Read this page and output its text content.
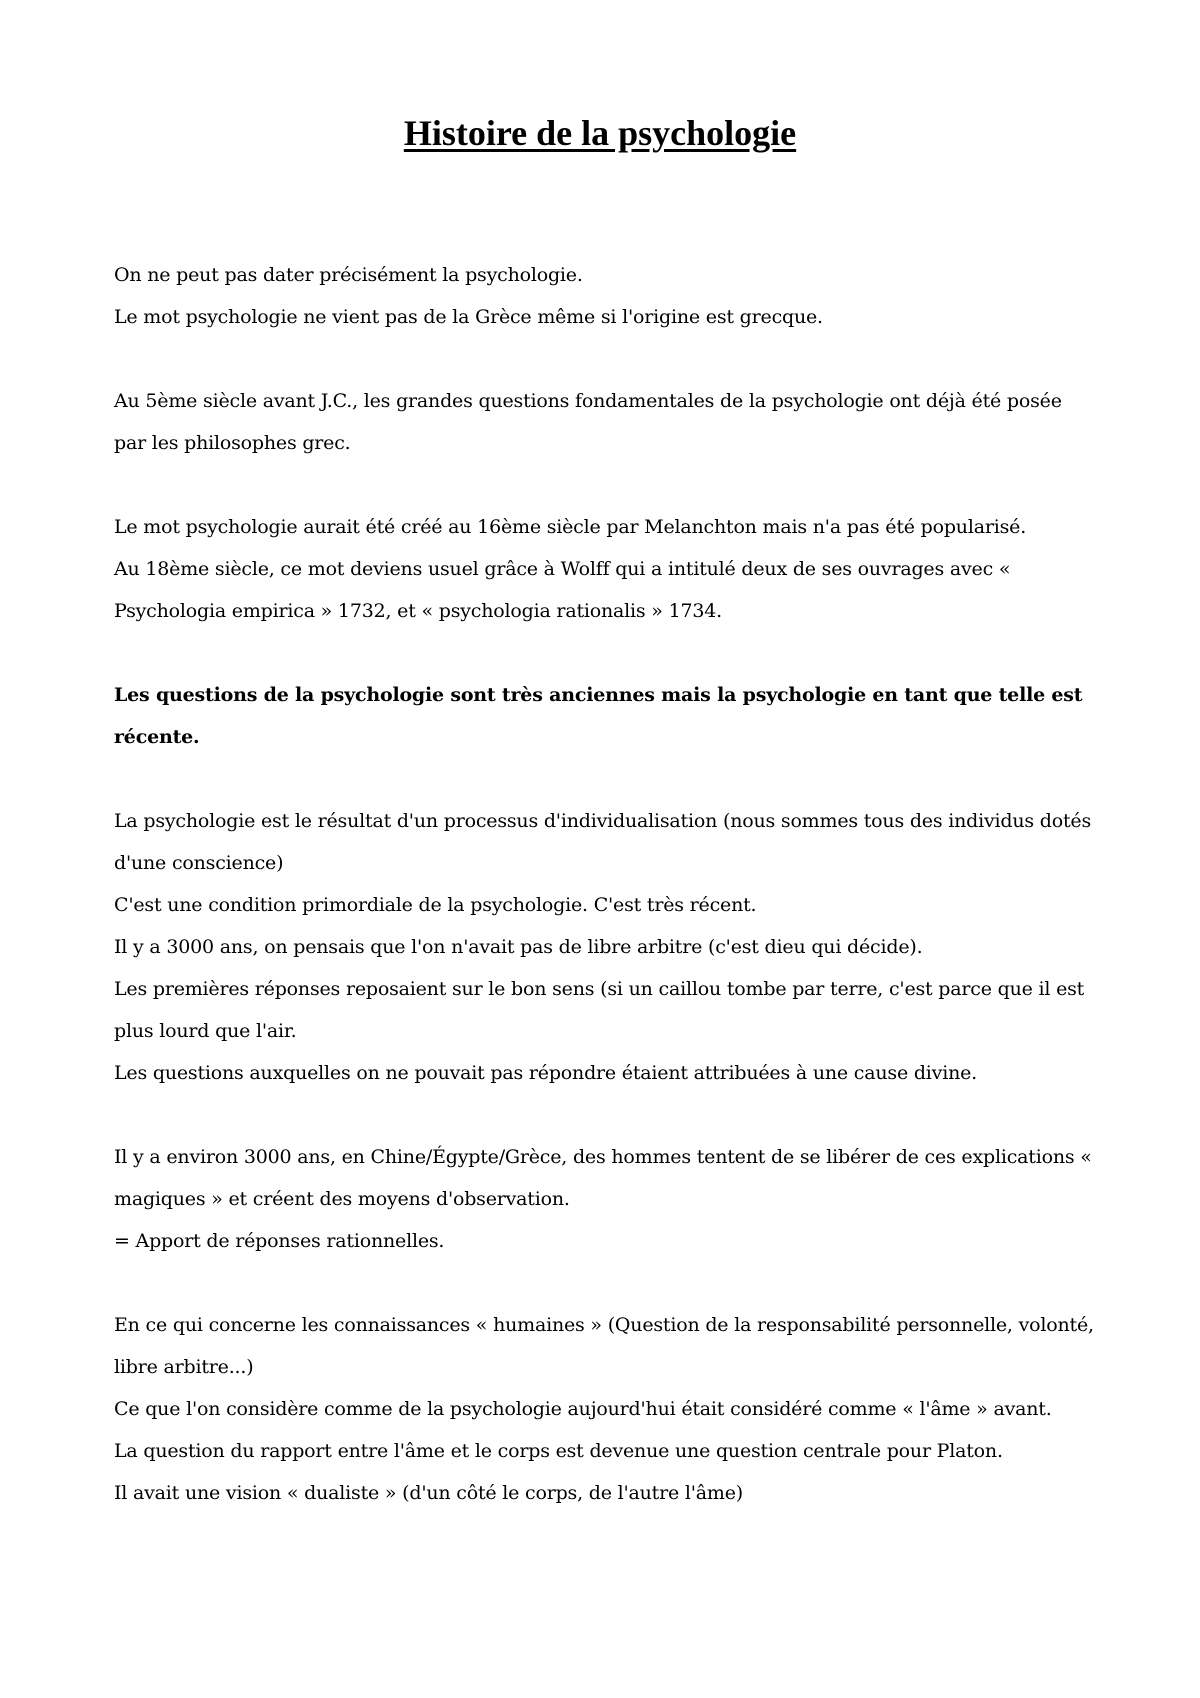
Histoire de la psychologie

On ne peut pas dater précisément la psychologie.

Le mot psychologie ne vient pas de la Grèce même si l'origine est grecque.

Au 5ème siècle avant J.C., les grandes questions fondamentales de la psychologie ont déjà été posée par les philosophes grec.

Le mot psychologie aurait été créé au 16ème siècle par Melanchton mais n'a pas été popularisé.

Au 18ème siècle, ce mot deviens usuel grâce à Wolff qui a intitulé deux de ses ouvrages avec « Psychologia empirica » 1732, et « psychologia rationalis » 1734.

Les questions de la psychologie sont très anciennes mais la psychologie en tant que telle est récente.

La psychologie est le résultat d'un processus d'individualisation (nous sommes tous des individus dotés d'une conscience)

C'est une condition primordiale de la psychologie. C'est très récent.

Il y a 3000 ans, on pensais que l'on n'avait pas de libre arbitre (c'est dieu qui décide).

Les premières réponses reposaient sur le bon sens (si un caillou tombe par terre, c'est parce que il est plus lourd que l'air.

Les questions auxquelles on ne pouvait pas répondre étaient attribuées à une cause divine.

Il y a environ 3000 ans, en Chine/Égypte/Grèce, des hommes tentent de se libérer de ces explications « magiques » et créent des moyens d'observation.

= Apport de réponses rationnelles.

En ce qui concerne les connaissances « humaines » (Question de la responsabilité personnelle, volonté, libre arbitre...)

Ce que l'on considère comme de la psychologie aujourd'hui était considéré comme « l'âme » avant.

La question du rapport entre l'âme et le corps est devenue une question centrale pour Platon.

Il avait une vision « dualiste » (d'un côté le corps, de l'autre l'âme)
